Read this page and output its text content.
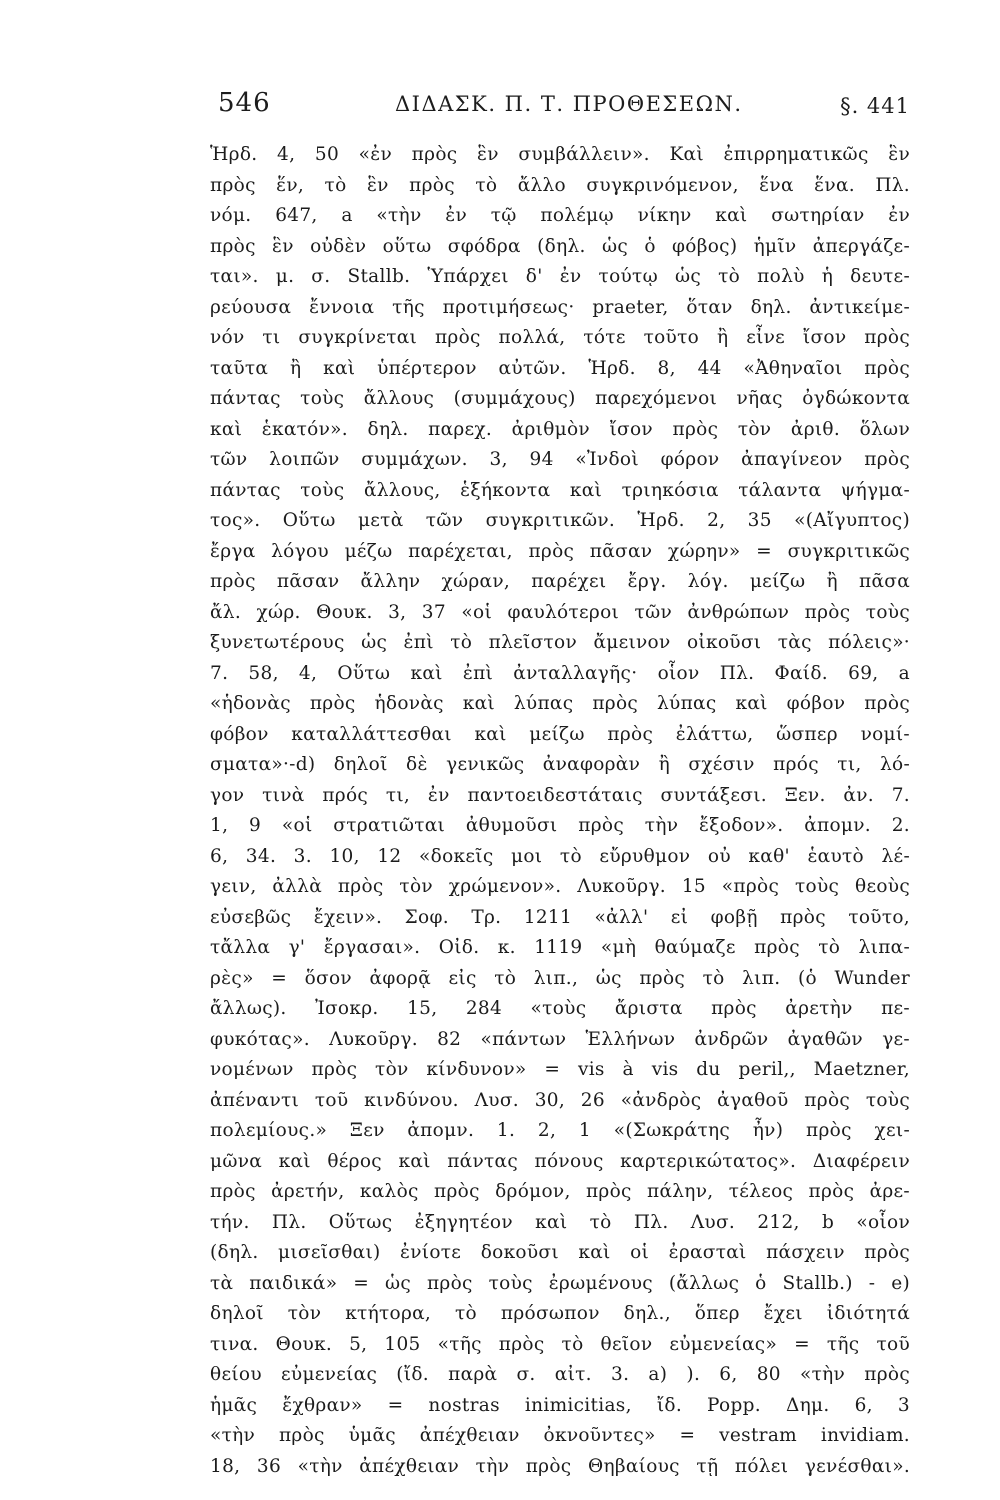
546	ΔΙΔΑΣΚ. Π. Τ. ΠΡΟΘΕΣΕΩΝ.	§. 441
Ἡρδ. 4, 50 «ἐν πρὸς ἓν συμβάλλειν». Καὶ ἐπιρρηματικῶς ἓν
πρὸς ἕν, τὸ ἓν πρὸς τὸ ἄλλο συγκρινόμενον, ἕνα ἕνα. Πλ.
νόμ. 647, a «τὴν ἐν τῷ πολέμῳ νίκην καὶ σωτηρίαν ἐν
πρὸς ἓν οὐδὲν οὕτω σφόδρα (δηλ. ὡς ὁ φόβος) ἡμῖν ἀπεργάζε-
ται». μ. σ. Stallb. Ὑπάρχει δ' ἐν τούτῳ ὡς τὸ πολὺ ἡ δευτε-
ρεύουσα ἔννοια τῆς προτιμήσεως· praeter, ὅταν δηλ. ἀντικείμε-
νόν τι συγκρίνεται πρὸς πολλά, τότε τοῦτο ἢ εἶνε ἴσον πρὸς
ταῦτα ἢ καὶ ὑπέρτερον αὐτῶν. Ἡρδ. 8, 44 «Ἀθηναῖοι πρὸς
πάντας τοὺς ἄλλους (συμμάχους) παρεχόμενοι νῆας ὀγδώκοντα
καὶ ἑκατόν». δηλ. παρεχ. ἀριθμὸν ἴσον πρὸς τὸν ἀριθ. ὅλων
τῶν λοιπῶν συμμάχων. 3, 94 «Ἰνδοὶ φόρον ἀπαγίνεον πρὸς
πάντας τοὺς ἄλλους, ἑξήκοντα καὶ τριηκόσια τάλαντα ψήγμα-
τος». Οὕτω μετὰ τῶν συγκριτικῶν. Ἡρδ. 2, 35 «(Αἴγυπτος)
ἔργα λόγου μέζω παρέχεται, πρὸς πᾶσαν χώρην» = συγκριτικῶς
πρὸς πᾶσαν ἄλλην χώραν, παρέχει ἔργ. λόγ. μείζω ἢ πᾶσα
ἄλ. χώρ. Θουκ. 3, 37 «οἱ φαυλότεροι τῶν ἀνθρώπων πρὸς τοὺς
ξυνετωτέρους ὡς ἐπὶ τὸ πλεῖστον ἄμεινον οἰκοῦσι τὰς πόλεις»·
7. 58, 4, Οὕτω καὶ ἐπὶ ἀνταλλαγῆς· οἷον Πλ. Φαίδ. 69, a
«ἡδονὰς πρὸς ἡδονὰς καὶ λύπας πρὸς λύπας καὶ φόβον πρὸς
φόβον καταλλάττεσθαι καὶ μείζω πρὸς ἐλάττω, ὥσπερ νομί-
σματα»·-d) δηλοῖ δὲ γενικῶς ἀναφορὰν ἢ σχέσιν πρός τι, λό-
γον τινὰ πρός τι, ἐν παντοειδεστάταις συντάξεσι. Ξεν. ἀν. 7.
1, 9 «οἱ στρατιῶται ἀθυμοῦσι πρὸς τὴν ἔξοδον». ἀπομν. 2.
6, 34. 3. 10, 12 «δοκεῖς μοι τὸ εὔρυθμον οὐ καθ' ἑαυτὸ λέ-
γειν, ἀλλὰ πρὸς τὸν χρώμενον». Λυκοῦργ. 15 «πρὸς τοὺς θεοὺς
εὐσεβῶς ἔχειν». Σοφ. Τρ. 1211 «ἀλλ' εἰ φοβῇ πρὸς τοῦτο,
τἄλλα γ' ἔργασαι». Οἰδ. κ. 1119 «μὴ θαύμαζε πρὸς τὸ λιπα-
ρὲς» = ὅσον ἀφορᾷ εἰς τὸ λιπ., ὡς πρὸς τὸ λιπ. (ὁ Wunder
ἄλλως). Ἰσοκρ. 15, 284 «τοὺς ἄριστα πρὸς ἀρετὴν πε-
φυκότας». Λυκοῦργ. 82 «πάντων Ἑλλήνων ἀνδρῶν ἀγαθῶν γε-
νομένων πρὸς τὸν κίνδυνον» = vis à vis du peril,, Maetzner,
ἀπέναντι τοῦ κινδύνου. Λυσ. 30, 26 «ἀνδρὸς ἀγαθοῦ πρὸς τοὺς
πολεμίους.» Ξεν ἀπομν. 1. 2, 1 «(Σωκράτης ἦν) πρὸς χει-
μῶνα καὶ θέρος καὶ πάντας πόνους καρτερικώτατος». Διαφέρειν
πρὸς ἀρετήν, καλὸς πρὸς δρόμον, πρὸς πάλην, τέλεος πρὸς ἀρε-
τήν. Πλ. Οὕτως ἐξηγητέον καὶ τὸ Πλ. Λυσ. 212, b «οἷον
(δηλ. μισεῖσθαι) ἐνίοτε δοκοῦσι καὶ οἱ ἐρασταὶ πάσχειν πρὸς
τὰ παιδικά» = ὡς πρὸς τοὺς ἐρωμένους (ἄλλως ὁ Stallb.) - e)
δηλοῖ τὸν κτήτορα, τὸ πρόσωπον δηλ., ὅπερ ἔχει ἰδιότητά
τινα. Θουκ. 5, 105 «τῆς πρὸς τὸ θεῖον εὐμενείας» = τῆς τοῦ
θείου εὐμενείας (ἴδ. παρὰ σ. αἰτ. 3. a) ). 6, 80 «τὴν πρὸς
ἡμᾶς ἔχθραν» = nostras inimicitias, ἴδ. Popp. Δημ. 6, 3
«τὴν πρὸς ὑμᾶς ἀπέχθειαν ὀκνοῦντες» = vestram invidiam.
18, 36 «τὴν ἀπέχθειαν τὴν πρὸς Θηβαίους τῇ πόλει γενέσθαι».
